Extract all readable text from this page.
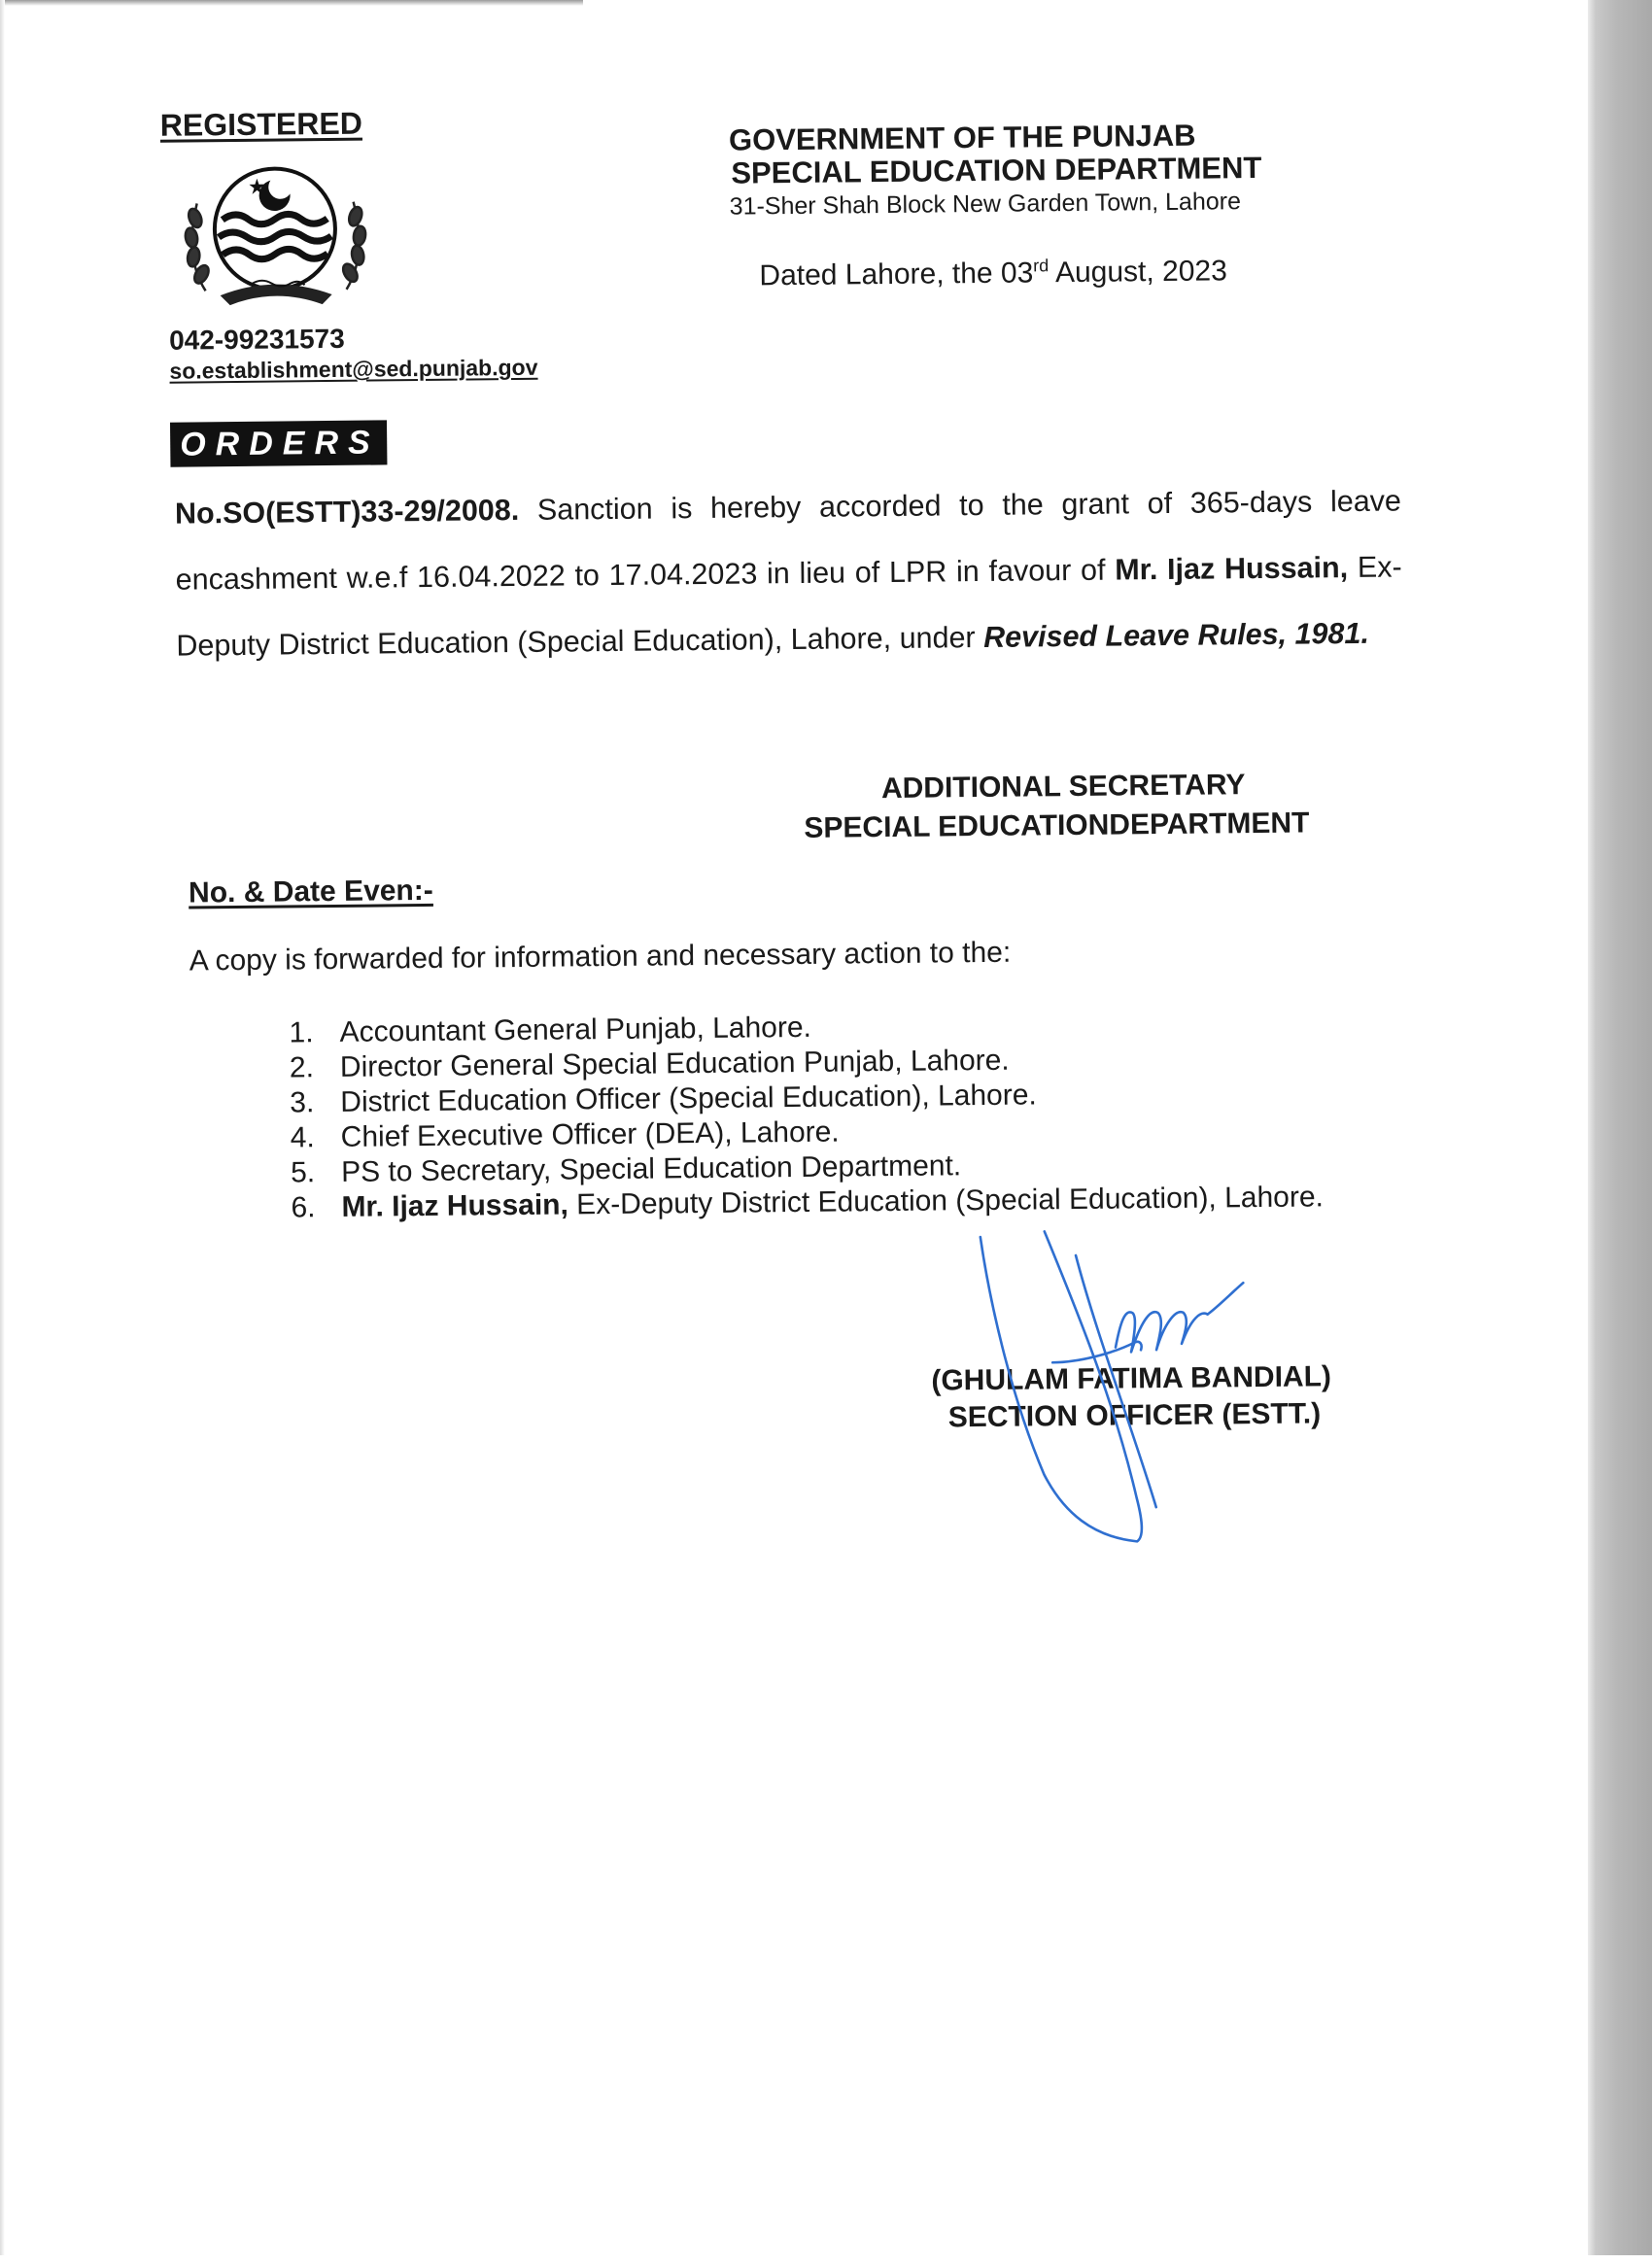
REGISTERED
042-99231573
so.establishment@sed.punjab.gov
GOVERNMENT OF THE PUNJAB
SPECIAL EDUCATION DEPARTMENT
31-Sher Shah Block New Garden Town, Lahore
Dated Lahore, the 03rd August, 2023
ORDERS
No.SO(ESTT)33-29/2008. Sanction is hereby accorded to the grant of 365-days leave encashment w.e.f 16.04.2022 to 17.04.2023 in lieu of LPR in favour of Mr. Ijaz Hussain, Ex-Deputy District Education (Special Education), Lahore, under Revised Leave Rules, 1981.
ADDITIONAL SECRETARY
SPECIAL EDUCATIONDEPARTMENT
No. & Date Even:-
A copy is forwarded for information and necessary action to the:
1. Accountant General Punjab, Lahore.
2. Director General Special Education Punjab, Lahore.
3. District Education Officer (Special Education), Lahore.
4. Chief Executive Officer (DEA), Lahore.
5. PS to Secretary, Special Education Department.
6. Mr. Ijaz Hussain, Ex-Deputy District Education (Special Education), Lahore.
(GHULAM FATIMA BANDIAL)
SECTION OFFICER (ESTT.)
